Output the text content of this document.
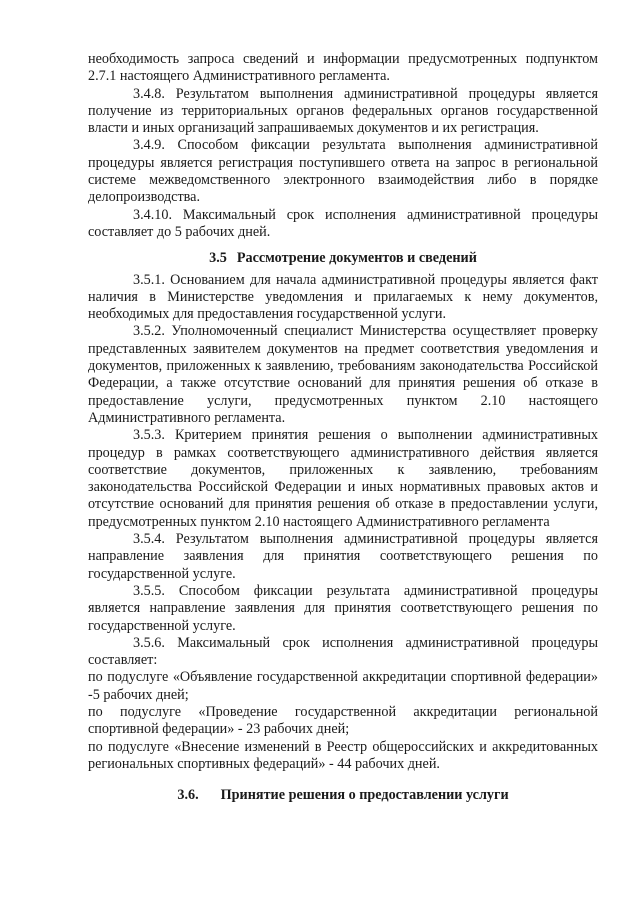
необходимость запроса сведений и информации предусмотренных подпунктом 2.7.1 настоящего Административного регламента.

3.4.8. Результатом выполнения административной процедуры является получение из территориальных органов федеральных органов государственной власти и иных организаций запрашиваемых документов и их регистрация.

3.4.9. Способом фиксации результата выполнения административной процедуры является регистрация поступившего ответа на запрос в региональной системе межведомственного электронного взаимодействия либо в порядке делопроизводства.

3.4.10. Максимальный срок исполнения административной процедуры составляет до 5 рабочих дней.

3.5 Рассмотрение документов и сведений

3.5.1. Основанием для начала административной процедуры является факт наличия в Министерстве уведомления и прилагаемых к нему документов, необходимых для предоставления государственной услуги.

3.5.2. Уполномоченный специалист Министерства осуществляет проверку представленных заявителем документов на предмет соответствия уведомления и документов, приложенных к заявлению, требованиям законодательства Российской Федерации, а также отсутствие оснований для принятия решения об отказе в предоставление услуги, предусмотренных пунктом 2.10 настоящего Административного регламента.

3.5.3. Критерием принятия решения о выполнении административных процедур в рамках соответствующего административного действия является соответствие документов, приложенных к заявлению, требованиям законодательства Российской Федерации и иных нормативных правовых актов и отсутствие оснований для принятия решения об отказе в предоставлении услуги, предусмотренных пунктом 2.10 настоящего Административного регламента

3.5.4. Результатом выполнения административной процедуры является направление заявления для принятия соответствующего решения по государственной услуге.

3.5.5. Способом фиксации результата административной процедуры является направление заявления для принятия соответствующего решения по государственной услуге.

3.5.6. Максимальный срок исполнения административной процедуры составляет:

по подуслуге «Объявление государственной аккредитации спортивной федерации» -5 рабочих дней;

по подуслуге «Проведение государственной аккредитации региональной спортивной федерации» - 23 рабочих дней;

по подуслуге «Внесение изменений в Реестр общероссийских и аккредитованных региональных спортивных федераций» - 44 рабочих дней.

3.6. Принятие решения о предоставлении услуги
